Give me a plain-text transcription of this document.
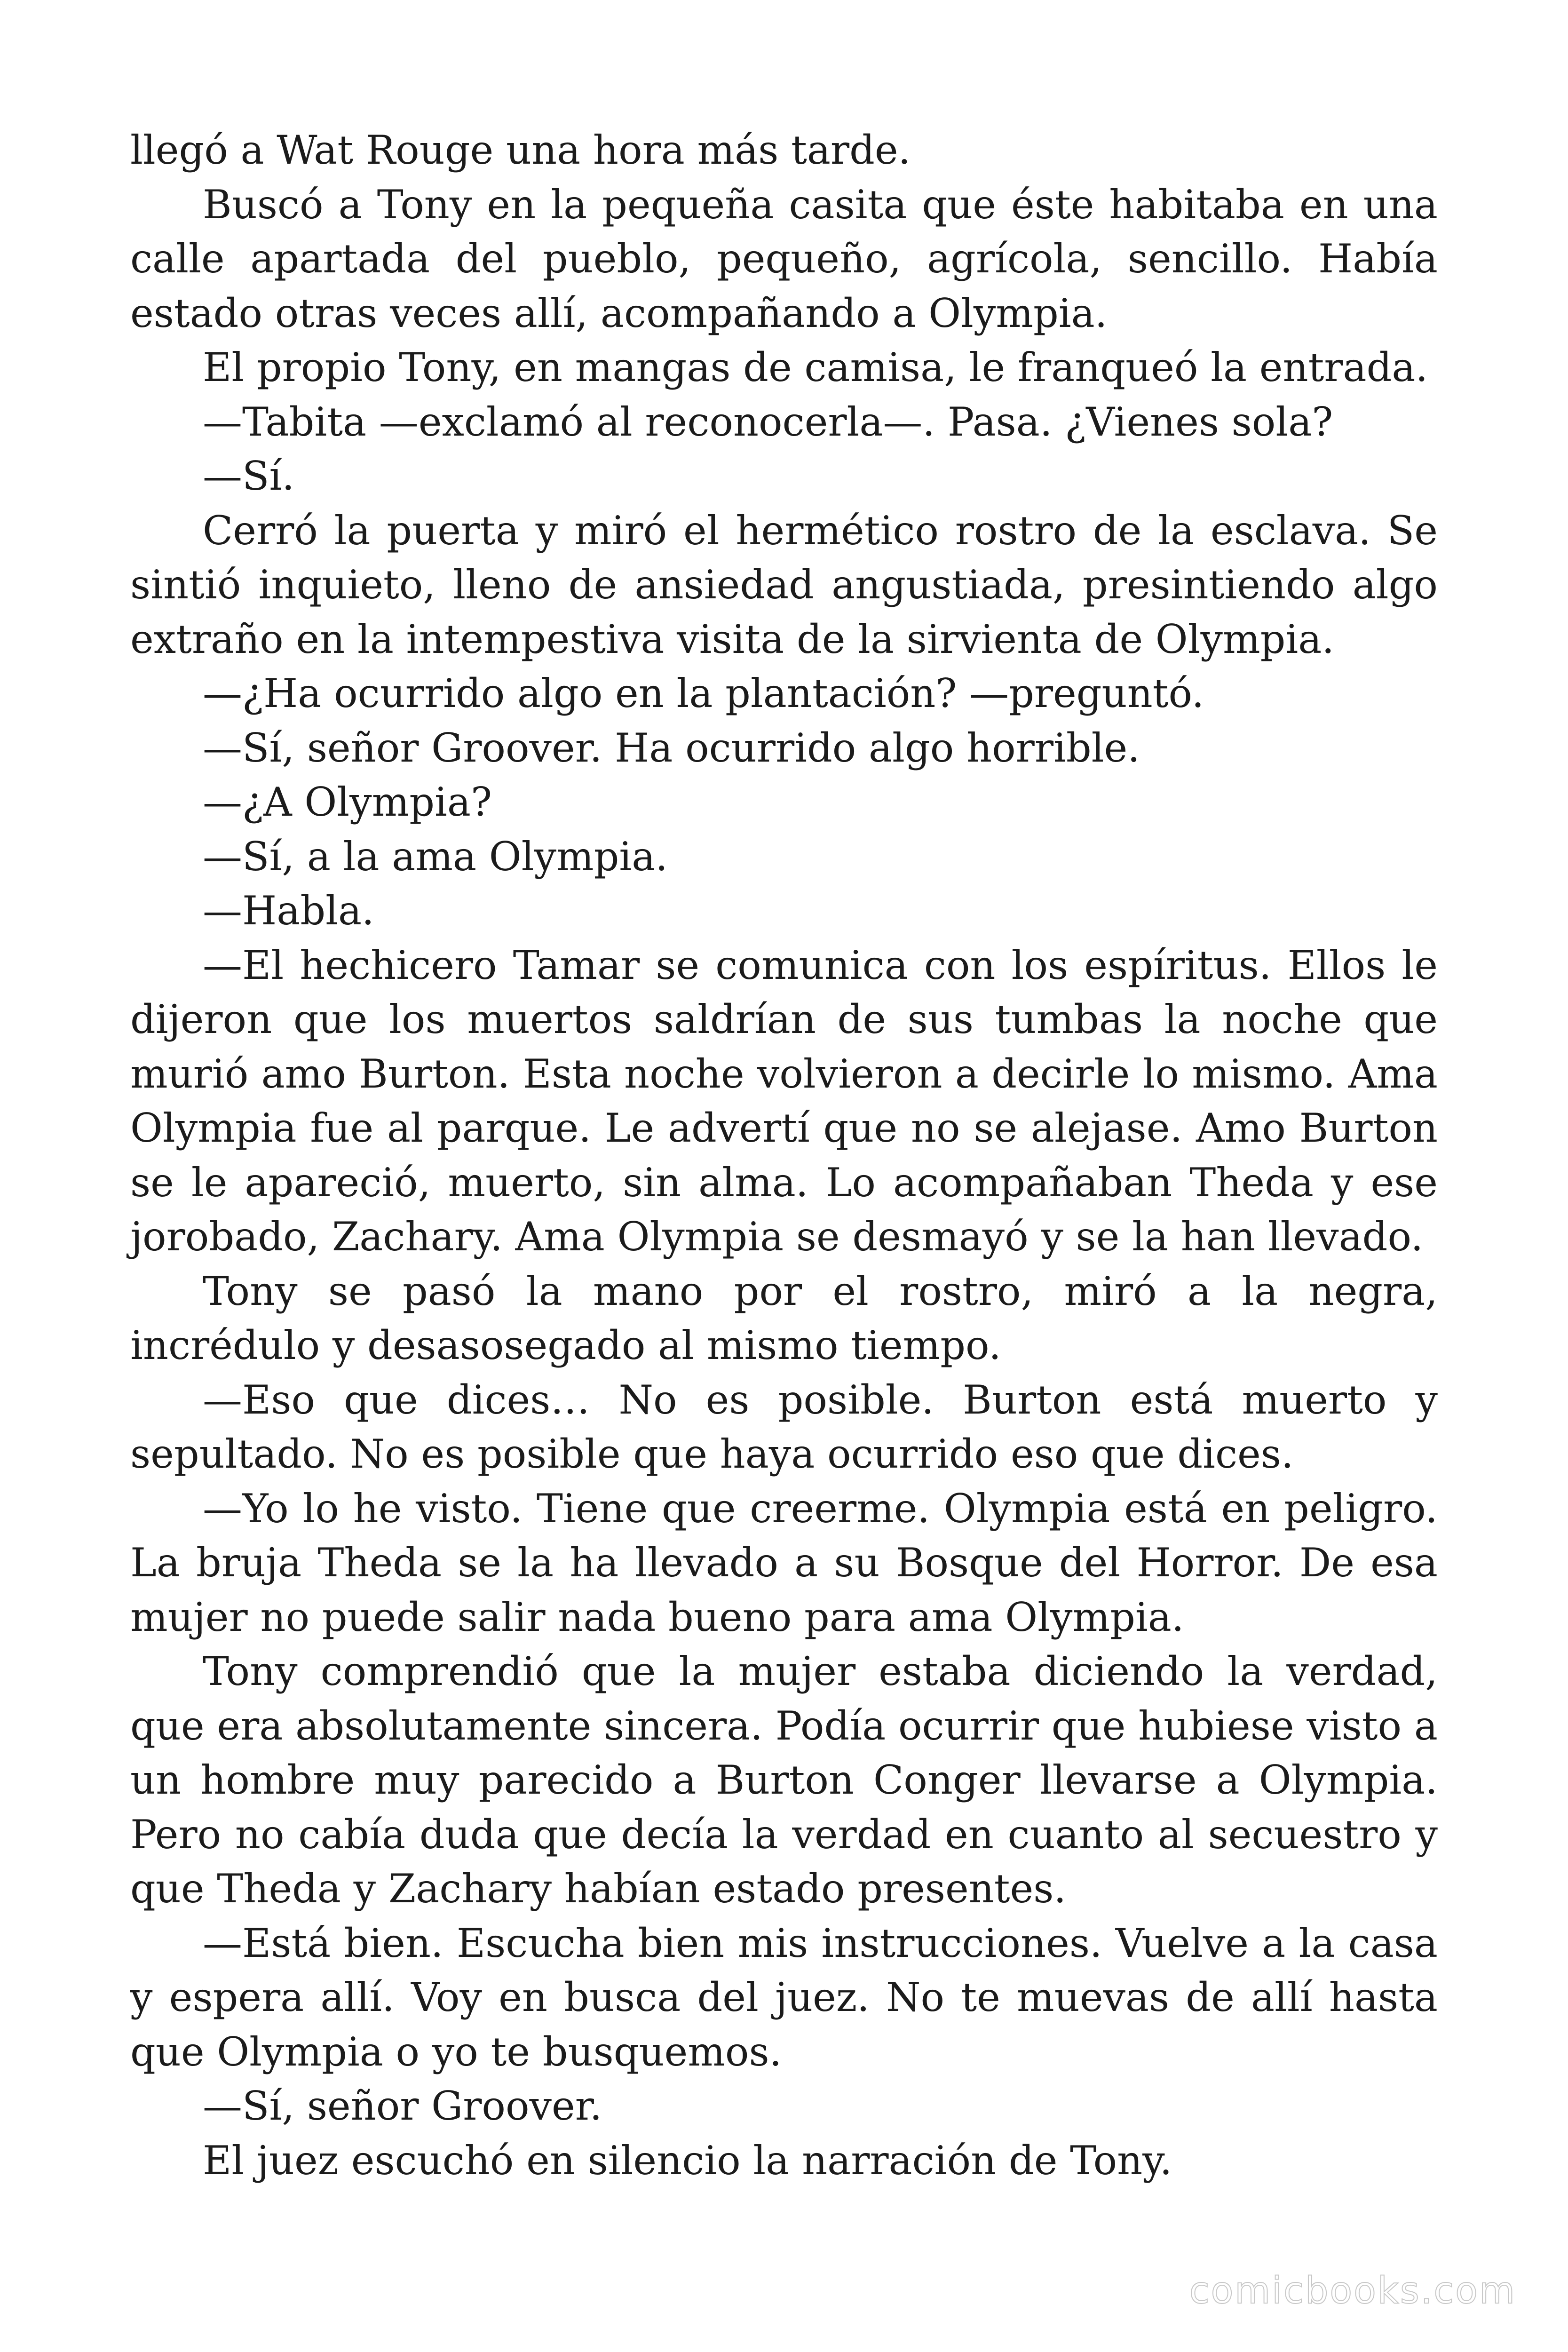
llegó a Wat Rouge una hora más tarde.

Buscó a Tony en la pequeña casita que éste habitaba en una calle apartada del pueblo, pequeño, agrícola, sencillo. Había estado otras veces allí, acompañando a Olympia.

El propio Tony, en mangas de camisa, le franqueó la entrada.

—Tabita —exclamó al reconocerla—. Pasa. ¿Vienes sola?

—Sí.

Cerró la puerta y miró el hermético rostro de la esclava. Se sintió inquieto, lleno de ansiedad angustiada, presintiendo algo extraño en la intempestiva visita de la sirvienta de Olympia.

—¿Ha ocurrido algo en la plantación? —preguntó.

—Sí, señor Groover. Ha ocurrido algo horrible.

—¿A Olympia?

—Sí, a la ama Olympia.

—Habla.

—El hechicero Tamar se comunica con los espíritus. Ellos le dijeron que los muertos saldrían de sus tumbas la noche que murió amo Burton. Esta noche volvieron a decirle lo mismo. Ama Olympia fue al parque. Le advertí que no se alejase. Amo Burton se le apareció, muerto, sin alma. Lo acompañaban Theda y ese jorobado, Zachary. Ama Olympia se desmayó y se la han llevado.

Tony se pasó la mano por el rostro, miró a la negra, incrédulo y desasosegado al mismo tiempo.

—Eso que dices… No es posible. Burton está muerto y sepultado. No es posible que haya ocurrido eso que dices.

—Yo lo he visto. Tiene que creerme. Olympia está en peligro. La bruja Theda se la ha llevado a su Bosque del Horror. De esa mujer no puede salir nada bueno para ama Olympia.

Tony comprendió que la mujer estaba diciendo la verdad, que era absolutamente sincera. Podía ocurrir que hubiese visto a un hombre muy parecido a Burton Conger llevarse a Olympia. Pero no cabía duda que decía la verdad en cuanto al secuestro y que Theda y Zachary habían estado presentes.

—Está bien. Escucha bien mis instrucciones. Vuelve a la casa y espera allí. Voy en busca del juez. No te muevas de allí hasta que Olympia o yo te busquemos.

—Sí, señor Groover.

El juez escuchó en silencio la narración de Tony.

comicbooks.com
